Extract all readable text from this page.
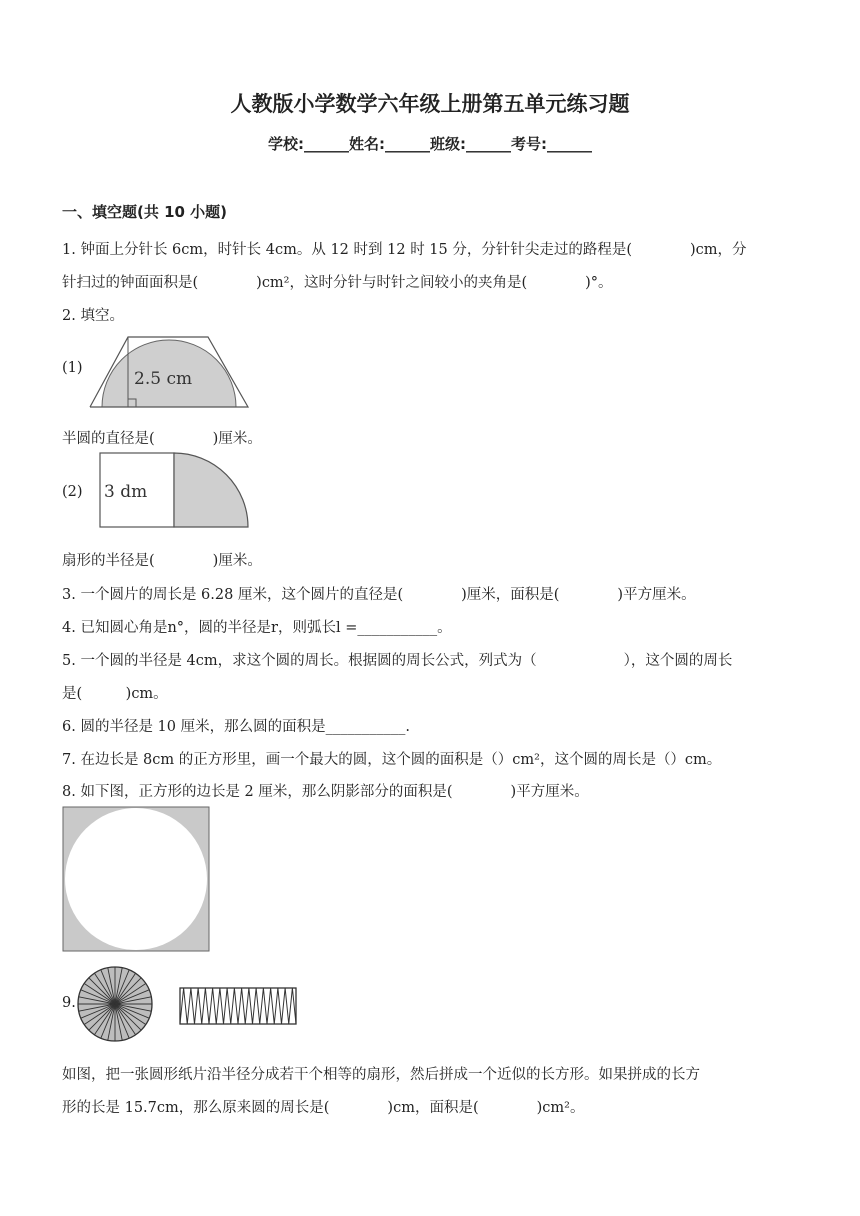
人教版小学数学六年级上册第五单元练习题
学校:______姓名:______班级:______考号:______
一、填空题(共 10 小题)
1. 钟面上分针长 6cm，时针长 4cm。从 12 时到 12 时 15 分，分针针尖走过的路程是(　　　　)cm，分
针扫过的钟面面积是(　　　　)cm²，这时分针与时针之间较小的夹角是(　　　　)°。
2. 填空。
(1)
2.5 cm
半圆的直径是(　　　　)厘米。
(2) 3 dm
扇形的半径是(　　　　)厘米。
3. 一个圆片的周长是 6.28 厘米，这个圆片的直径是(　　　　)厘米，面积是(　　　　)平方厘米。
4. 已知圆心角是n°，圆的半径是r，则弧长l =___________。
5. 一个圆的半径是 4cm，求这个圆的周长。根据圆的周长公式，列式为（　　　　　　），这个圆的周长
是(　　　)cm。
6. 圆的半径是 10 厘米，那么圆的面积是___________.
7. 在边长是 8cm 的正方形里，画一个最大的圆，这个圆的面积是（）cm²，这个圆的周长是（）cm。
8. 如下图，正方形的边长是 2 厘米，那么阴影部分的面积是(　　　　)平方厘米。
9.
如图，把一张圆形纸片沿半径分成若干个相等的扇形，然后拼成一个近似的长方形。如果拼成的长方
形的长是 15.7cm，那么原来圆的周长是(　　　　)cm，面积是(　　　　)cm²。
